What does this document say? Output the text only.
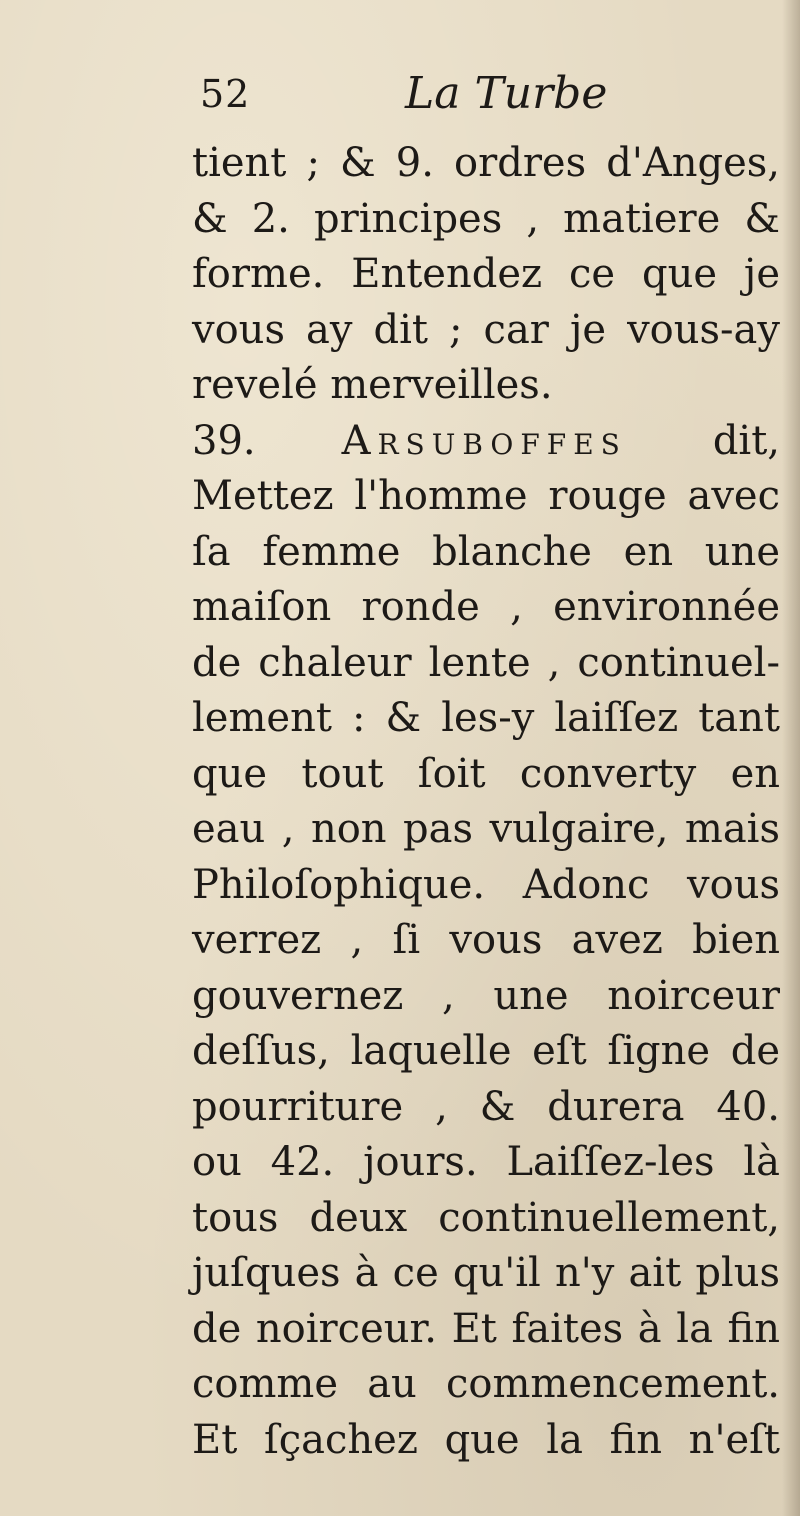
52	La Turbe
tient ; & 9. ordres d'Anges,
& 2. principes , matiere &
forme. Entendez ce que je
vous ay dit ; car je vous-ay
revelé merveilles.
39. Arsuboffes dit,
Mettez l'homme rouge avec
ſa femme blanche en une
maiſon ronde , environnée
de chaleur lente , continuel-
lement : & les-y laiſſez tant
que tout ſoit converty en
eau , non pas vulgaire, mais
Philoſophique. Adonc vous
verrez , ſi vous avez bien
gouvernez , une noirceur
deſſus, laquelle eſt ſigne de
pourriture , & durera 40.
ou 42. jours. Laiſſez-les là
tous deux continuellement,
juſques à ce qu'il n'y ait plus
de noirceur. Et faites à la fin
comme au commencement.
Et ſçachez que la fin n'eſt
